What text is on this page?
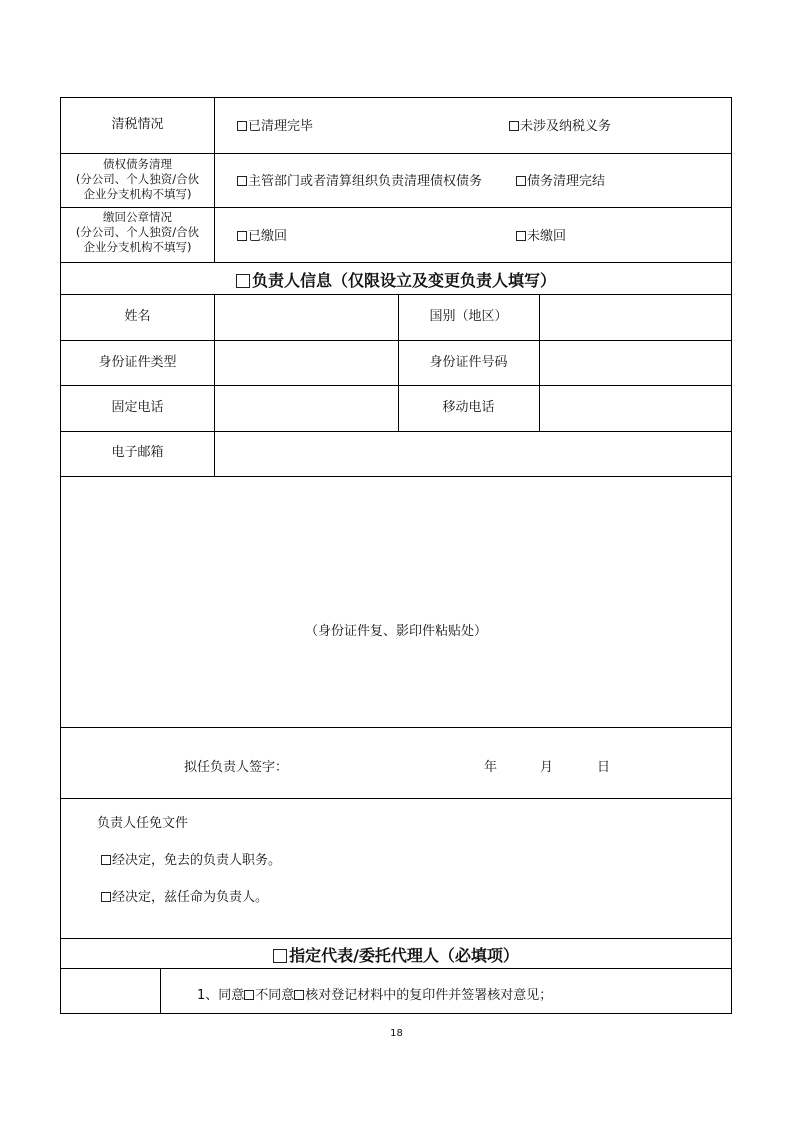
清税情况	已清理完毕	未涉及纳税义务
债权债务清理
(分公司、个人独资/合伙
企业分支机构不填写)
主管部门或者清算组织负责清理债权债务	债务清理完结
缴回公章情况
(分公司、个人独资/合伙
企业分支机构不填写)
已缴回	未缴回
负责人信息（仅限设立及变更负责人填写）
姓名	国别（地区）
身份证件类型	身份证件号码
固定电话	移动电话
电子邮箱
（身份证件复、影印件粘贴处）
拟任负责人签字：	年	月	日
负责人任免文件
经决定，免去的负责人职务。
经决定，兹任命为负责人。
指定代表/委托代理人（必填项）
1、同意 不同意 核对登记材料中的复印件并签署核对意见；
18
